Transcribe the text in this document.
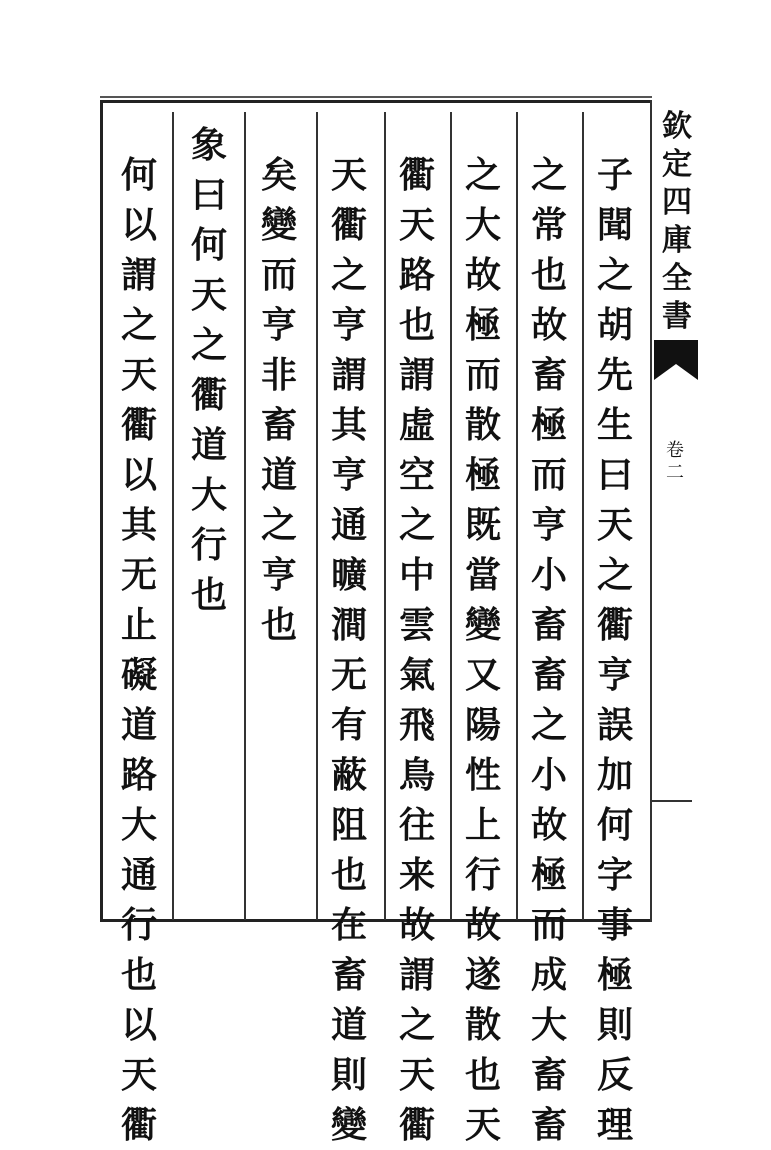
子
聞
之
胡
先
生
曰
天
之
衢
亨
誤
加
何
字
事
極
則
反
理
之
常
也
故
畜
極
而
亨
小
畜
畜
之
小
故
極
而
成
大
畜
畜
之
大
故
極
而
散
極
既
當
變
又
陽
性
上
行
故
遂
散
也
天
衢
天
路
也
謂
虛
空
之
中
雲
氣
飛
鳥
往
来
故
謂
之
天
衢
天
衢
之
亨
謂
其
亨
通
曠
澗
无
有
蔽
阻
也
在
畜
道
則
變
矣
變
而
亨
非
畜
道
之
亨
也
象
曰
何
天
之
衢
道
大
行
也
何
以
謂
之
天
衢
以
其
无
止
礙
道
路
大
通
行
也
以
天
衢
欽
定
四
庫
全
書
卷
二
